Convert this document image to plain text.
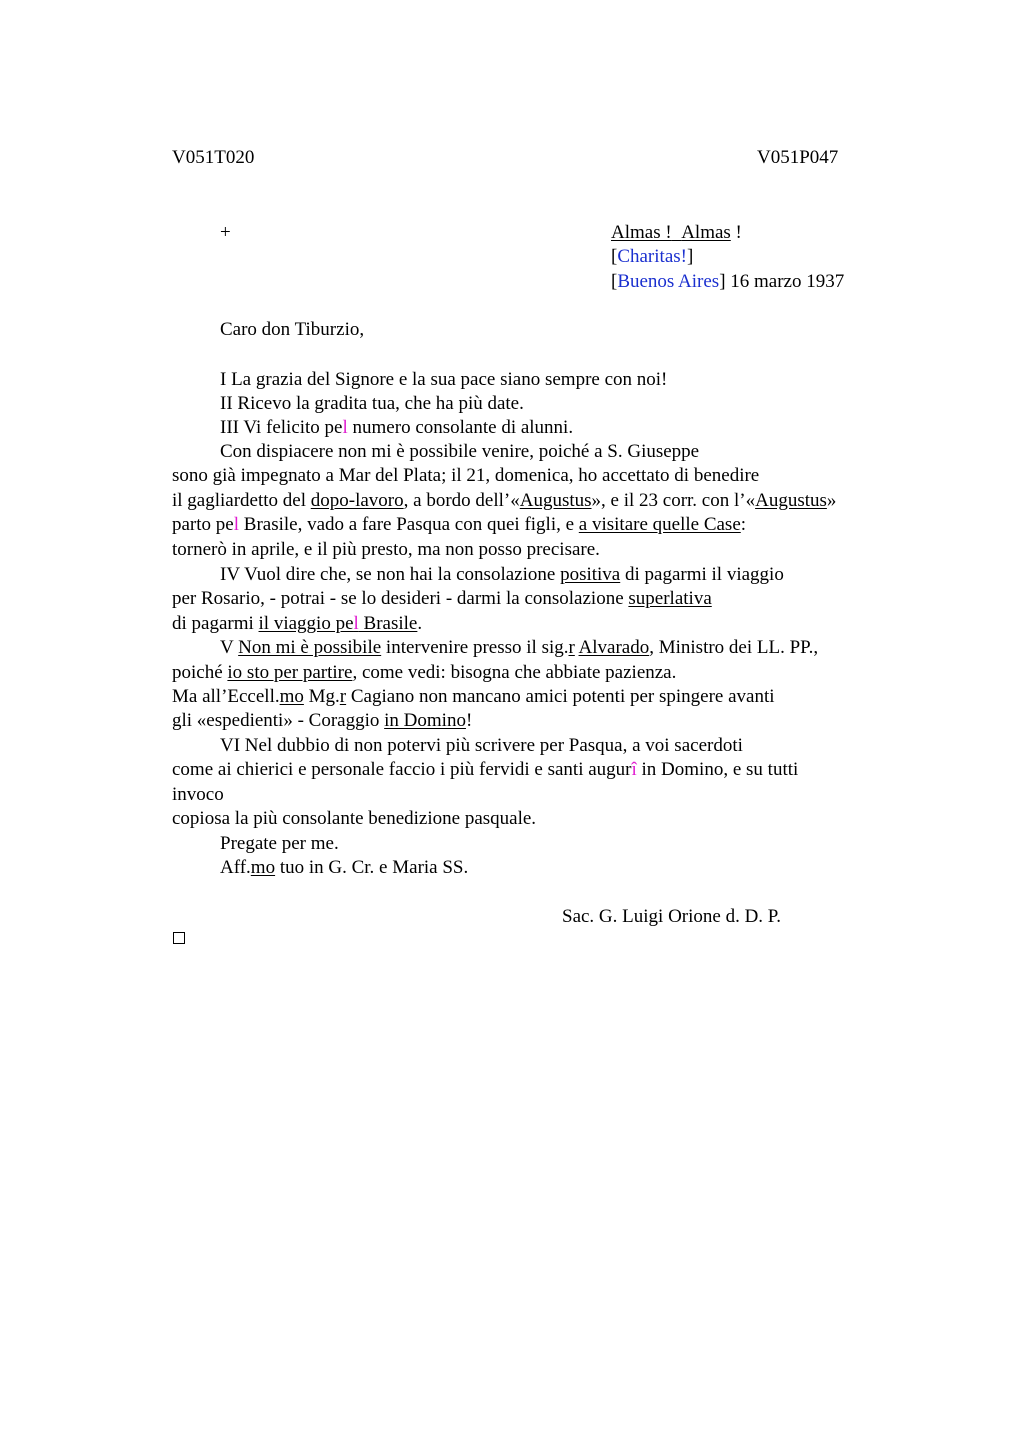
V051T020	V051P047
+	Almas ! Almas !
[Charitas!]
[Buenos Aires] 16 marzo 1937
Caro don Tiburzio,
I La grazia del Signore e la sua pace siano sempre con noi!
II Ricevo la gradita tua, che ha più date.
III Vi felicito pel numero consolante di alunni.
Con dispiacere non mi è possibile venire, poiché a S. Giuseppe
sono già impegnato a Mar del Plata; il 21, domenica, ho accettato di benedire
il gagliardetto del dopo-lavoro, a bordo dell’«Augustus», e il 23 corr. con l’«Augustus»
parto pel Brasile, vado a fare Pasqua con quei figli, e a visitare quelle Case:
tornerò in aprile, e il più presto, ma non posso precisare.
IV Vuol dire che, se non hai la consolazione positiva di pagarmi il viaggio
per Rosario, - potrai - se lo desideri - darmi la consolazione superlativa
di pagarmi il viaggio pel Brasile.
V Non mi è possibile intervenire presso il sig.r Alvarado, Ministro dei LL. PP.,
poiché io sto per partire, come vedi: bisogna che abbiate pazienza.
Ma all’Eccell.mo Mg.r Cagiano non mancano amici potenti per spingere avanti
gli «espedienti» - Coraggio in Domino!
VI Nel dubbio di non potervi più scrivere per Pasqua, a voi sacerdoti
come ai chierici e personale faccio i più fervidi e santi augurî in Domino, e su tutti
invoco
copiosa la più consolante benedizione pasquale.
Pregate per me.
Aff.mo tuo in G. Cr. e Maria SS.
Sac. G. Luigi Orione d. D. P.
